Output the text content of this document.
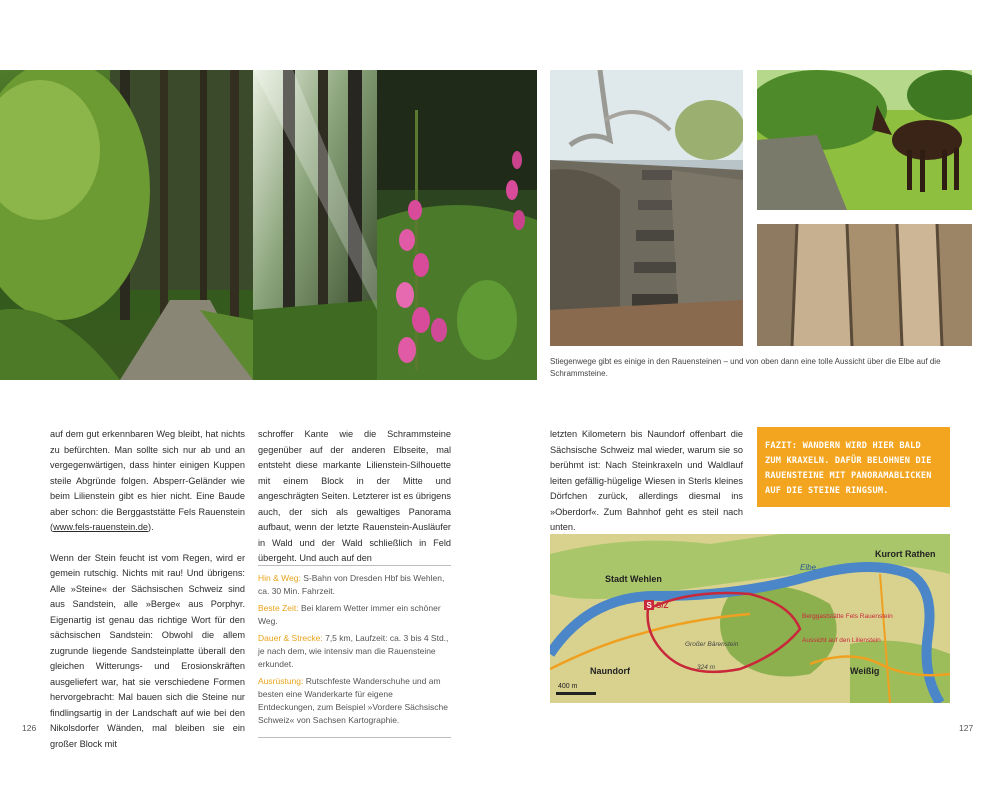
Stiegenwege gibt es einige in den Rauensteinen – und von oben dann eine tolle Aussicht über die Elbe auf die Schrammsteine.

auf dem gut erkennbaren Weg bleibt, hat nichts zu befürchten. Man sollte sich nur ab und an vergegenwärtigen, dass hinter einigen Kuppen steile Abgründe folgen. Absperr-Geländer wie beim Lilienstein gibt es hier nicht. Eine Baude aber schon: die Berggaststätte Fels Rauenstein (www.fels-rauenstein.de).

Wenn der Stein feucht ist vom Regen, wird er gemein rutschig. Nichts mit rau! Und übrigens: Alle »Steine« der Sächsischen Schweiz sind aus Sandstein, alle »Berge« aus Porphyr. Eigenartig ist genau das richtige Wort für den sächsischen Sandstein: Obwohl die allem zugrunde liegende Sandsteinplatte überall den gleichen Witterungs- und Erosionskräften ausgeliefert war, hat sie verschiedene Formen hervorgebracht: Mal bauen sich die Steine nur findlingsartig in der Landschaft auf wie bei den Nikolsdorfer Wänden, mal bleiben sie ein großer Block mit

schroffer Kante wie die Schrammsteine gegenüber auf der anderen Elbseite, mal entsteht diese markante Lilienstein-Silhouette mit einem Block in der Mitte und angeschrägten Seiten. Letzterer ist es übrigens auch, der sich als gewaltiges Panorama aufbaut, wenn der letzte Rauenstein-Ausläufer in Wald und der Wald schließlich in Feld übergeht. Und auch auf den

Hin & Weg: S-Bahn von Dresden Hbf bis Wehlen, ca. 30 Min. Fahrzeit.
Beste Zeit: Bei klarem Wetter immer ein schöner Weg.
Dauer & Strecke: 7,5 km, Laufzeit: ca. 3 bis 4 Std., je nach dem, wie intensiv man die Rauensteine erkundet.
Ausrüstung: Rutschfeste Wanderschuhe und am besten eine Wanderkarte für eigene Entdeckungen, zum Beispiel »Vordere Sächsische Schweiz« von Sachsen Kartographie.

letzten Kilometern bis Naundorf offenbart die Sächsische Schweiz mal wieder, warum sie so berühmt ist: Nach Steinkraxeln und Waldlauf leiten gefällig-hügelige Wiesen in Sterls kleines Dörfchen zurück, allerdings diesmal ins »Oberdorf«. Zum Bahnhof geht es steil nach unten.

FAZIT: WANDERN WIRD HIER BALD ZUM KRAXELN. DAFÜR BELOHNEN DIE RAUENSTEINE MIT PANORAMABLICKEN AUF DIE STEINE RINGSUM.
S S/Z
Stadt Wehlen
Kurort Rathen
Elbe
Naundorf	Weißig
Berggaststätte Fels Rauenstein
Aussicht auf den Lilienstein
Großer Bärenstein
324 m
400 m
126	127
